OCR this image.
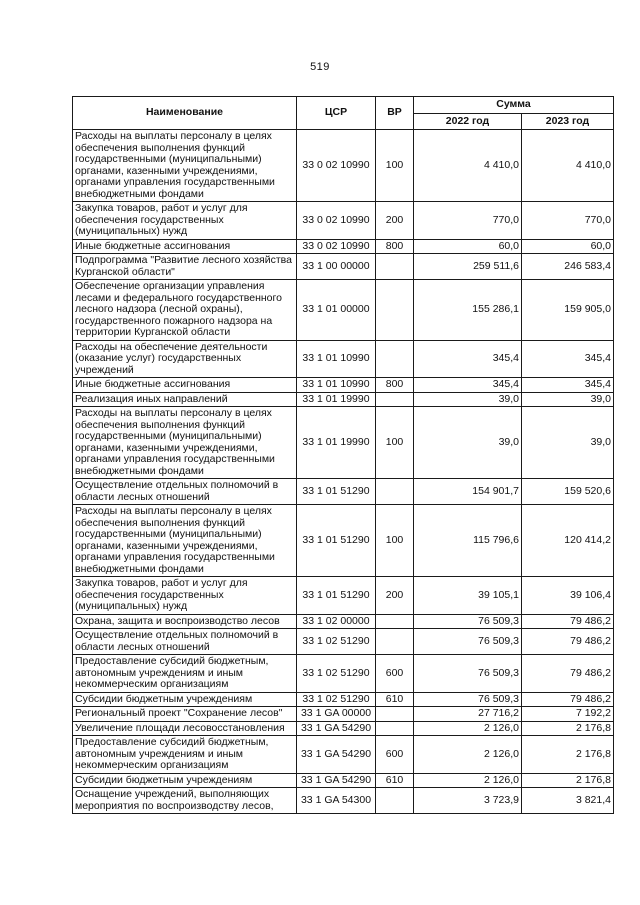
519
Наименование	ЦСР	ВР	Сумма	
			2022 год	2023 год
Расходы на выплаты персоналу в целях обеспечения выполнения функций государственными (муниципальными) органами, казенными учреждениями, органами управления государственными внебюджетными фондами	33 0 02 10990	100	4 410,0	4 410,0
Закупка товаров, работ и услуг для обеспечения государственных (муниципальных) нужд	33 0 02 10990	200	770,0	770,0
Иные бюджетные ассигнования	33 0 02 10990	800	60,0	60,0
Подпрограмма "Развитие лесного хозяйства Курганской области"	33 1 00 00000		259 511,6	246 583,4
Обеспечение организации управления лесами и федерального государственного лесного надзора (лесной охраны), государственного пожарного надзора на территории Курганской области	33 1 01 00000		155 286,1	159 905,0
Расходы на обеспечение деятельности (оказание услуг) государственных учреждений	33 1 01 10990		345,4	345,4
Иные бюджетные ассигнования	33 1 01 10990	800	345,4	345,4
Реализация иных направлений	33 1 01 19990		39,0	39,0
Расходы на выплаты персоналу в целях обеспечения выполнения функций государственными (муниципальными) органами, казенными учреждениями, органами управления государственными внебюджетными фондами	33 1 01 19990	100	39,0	39,0
Осуществление отдельных полномочий в области лесных отношений	33 1 01 51290		154 901,7	159 520,6
Расходы на выплаты персоналу в целях обеспечения выполнения функций государственными (муниципальными) органами, казенными учреждениями, органами управления государственными внебюджетными фондами	33 1 01 51290	100	115 796,6	120 414,2
Закупка товаров, работ и услуг для обеспечения государственных (муниципальных) нужд	33 1 01 51290	200	39 105,1	39 106,4
Охрана, защита и воспроизводство лесов	33 1 02 00000		76 509,3	79 486,2
Осуществление отдельных полномочий в области лесных отношений	33 1 02 51290		76 509,3	79 486,2
Предоставление субсидий бюджетным, автономным учреждениям и иным некоммерческим организациям	33 1 02 51290	600	76 509,3	79 486,2
Субсидии бюджетным учреждениям	33 1 02 51290	610	76 509,3	79 486,2
Региональный проект "Сохранение лесов"	33 1 GA 00000		27 716,2	7 192,2
Увеличение площади лесовосстановления	33 1 GA 54290		2 126,0	2 176,8
Предоставление субсидий бюджетным, автономным учреждениям и иным некоммерческим организациям	33 1 GA 54290	600	2 126,0	2 176,8
Субсидии бюджетным учреждениям	33 1 GA 54290	610	2 126,0	2 176,8
Оснащение учреждений, выполняющих мероприятия по воспроизводству лесов,	33 1 GA 54300		3 723,9	3 821,4
